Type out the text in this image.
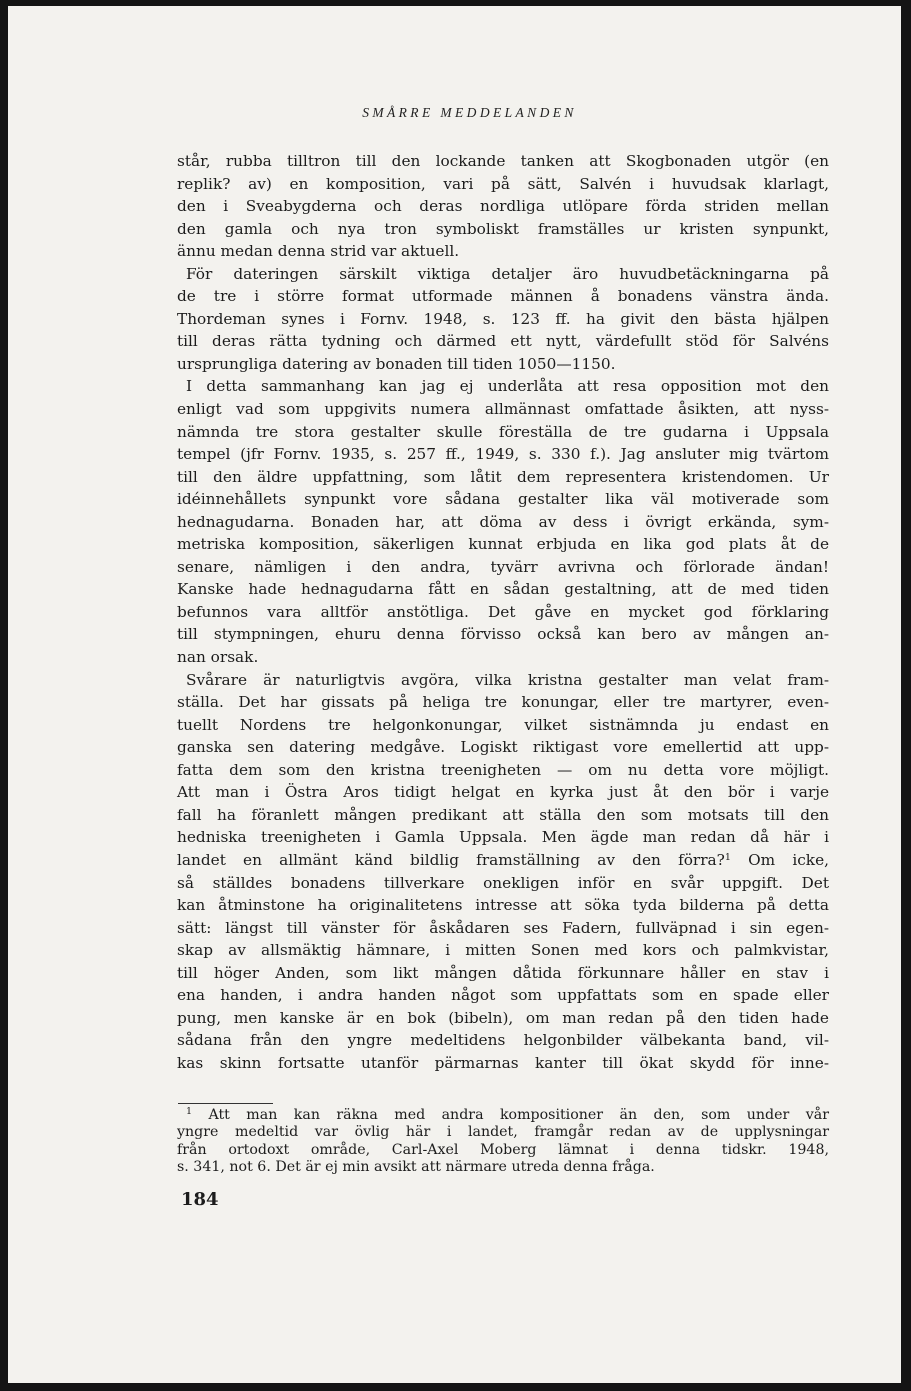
SMÅRRE MEDDELANDEN
står, rubba tilltron till den lockande tanken att Skogbonaden utgör (en
replik? av) en komposition, vari på sätt, Salvén i huvudsak klarlagt,
den i Sveabygderna och deras nordliga utlöpare förda striden mellan
den gamla och nya tron symboliskt framställes ur kristen synpunkt,
ännu medan denna strid var aktuell.
För dateringen särskilt viktiga detaljer äro huvudbetäckningarna på
de tre i större format utformade männen å bonadens vänstra ända.
Thordeman synes i Fornv. 1948, s. 123 ff. ha givit den bästa hjälpen
till deras rätta tydning och därmed ett nytt, värdefullt stöd för Salvéns
ursprungliga datering av bonaden till tiden 1050—1150.
I detta sammanhang kan jag ej underlåta att resa opposition mot den
enligt vad som uppgivits numera allmännast omfattade åsikten, att nyss-
nämnda tre stora gestalter skulle föreställa de tre gudarna i Uppsala
tempel (jfr Fornv. 1935, s. 257 ff., 1949, s. 330 f.). Jag ansluter mig tvärtom
till den äldre uppfattning, som låtit dem representera kristendomen. Ur
idéinnehållets synpunkt vore sådana gestalter lika väl motiverade som
hednagudarna. Bonaden har, att döma av dess i övrigt erkända, sym-
metriska komposition, säkerligen kunnat erbjuda en lika god plats åt de
senare, nämligen i den andra, tyvärr avrivna och förlorade ändan!
Kanske hade hednagudarna fått en sådan gestaltning, att de med tiden
befunnos vara alltför anstötliga. Det gåve en mycket god förklaring
till stympningen, ehuru denna förvisso också kan bero av mången an-
nan orsak.
Svårare är naturligtvis avgöra, vilka kristna gestalter man velat fram-
ställa. Det har gissats på heliga tre konungar, eller tre martyrer, even-
tuellt Nordens tre helgonkonungar, vilket sistnämnda ju endast en
ganska sen datering medgåve. Logiskt riktigast vore emellertid att upp-
fatta dem som den kristna treenigheten — om nu detta vore möjligt.
Att man i Östra Aros tidigt helgat en kyrka just åt den bör i varje
fall ha föranlett mången predikant att ställa den som motsats till den
hedniska treenigheten i Gamla Uppsala. Men ägde man redan då här i
landet en allmänt känd bildlig framställning av den förra?$^1$ Om icke,
så ställdes bonadens tillverkare onekligen inför en svår uppgift. Det
kan åtminstone ha originalitetens intresse att söka tyda bilderna på detta
sätt: längst till vänster för åskådaren ses Fadern, fullväpnad i sin egen-
skap av allsmäktig hämnare, i mitten Sonen med kors och palmkvistar,
till höger Anden, som likt mången dåtida förkunnare håller en stav i
ena handen, i andra handen något som uppfattats som en spade eller
pung, men kanske är en bok (bibeln), om man redan på den tiden hade
sådana från den yngre medeltidens helgonbilder välbekanta band, vil-
kas skinn fortsatte utanför pärmarnas kanter till ökat skydd för inne-
$^1$ Att man kan räkna med andra kompositioner än den, som under vår
yngre medeltid var övlig här i landet, framgår redan av de upplysningar
från ortodoxt område, Carl-Axel Moberg lämnat i denna tidskr. 1948,
s. 341, not 6. Det är ej min avsikt att närmare utreda denna fråga.
184
